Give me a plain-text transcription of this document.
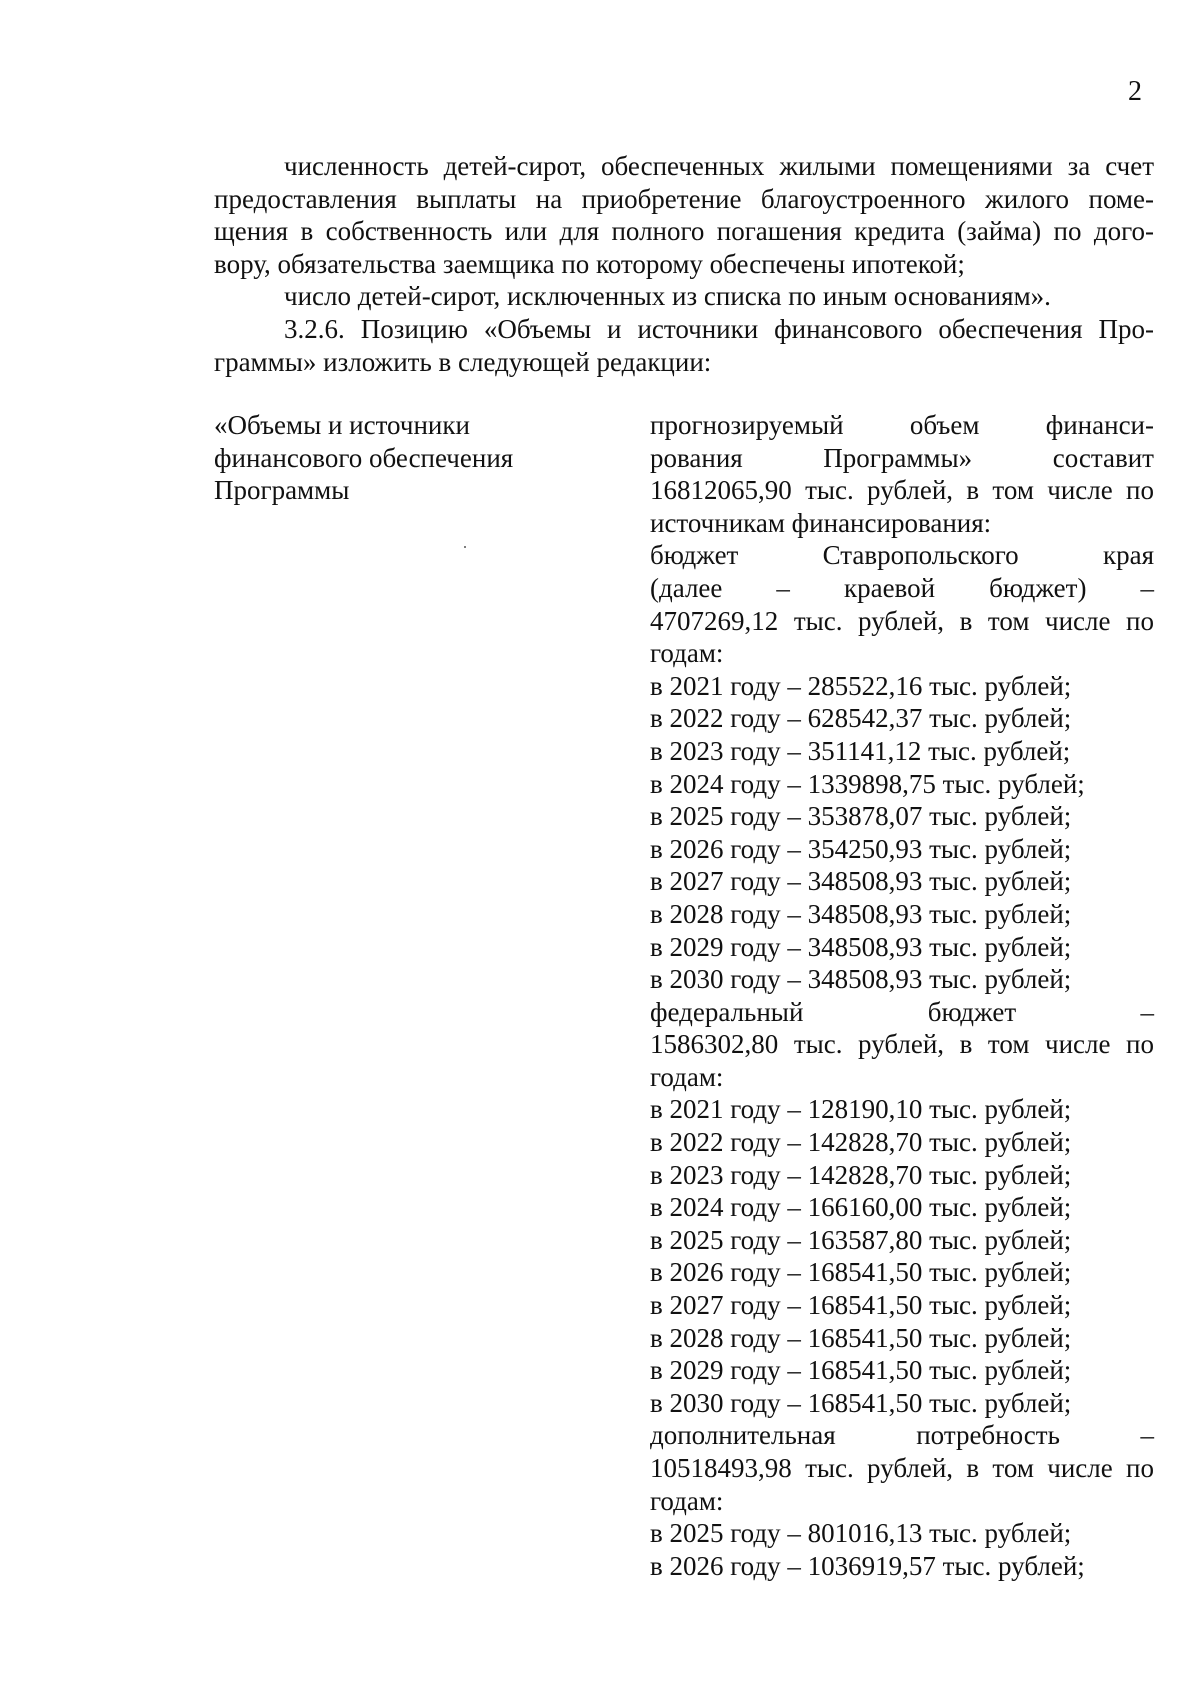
2

численность детей-сирот, обеспеченных жилыми помещениями за счет
предоставления выплаты на приобретение благоустроенного жилого поме-
щения в собственность или для полного погашения кредита (займа) по дого-
вору, обязательства заемщика по которому обеспечены ипотекой;

число детей-сирот, исключенных из списка по иным основаниям».

3.2.6. Позицию «Объемы и источники финансового обеспечения Про-
граммы» изложить в следующей редакции:

«Объемы и источники

финансового обеспечения

Программы

прогнозируемый объем финанси-

рования Программы» составит

16812065,90 тыс. рублей, в том числе по

источникам финансирования:

бюджет Ставропольского края

(далее – краевой бюджет) –

4707269,12 тыс. рублей, в том числе по

годам:

в 2021 году – 285522,16 тыс. рублей;

в 2022 году – 628542,37 тыс. рублей;

в 2023 году – 351141,12 тыс. рублей;

в 2024 году – 1339898,75 тыс. рублей;

в 2025 году – 353878,07 тыс. рублей;

в 2026 году – 354250,93 тыс. рублей;

в 2027 году – 348508,93 тыс. рублей;

в 2028 году – 348508,93 тыс. рублей;

в 2029 году – 348508,93 тыс. рублей;

в 2030 году – 348508,93 тыс. рублей;

федеральный бюджет –

1586302,80 тыс. рублей, в том числе по

годам:

в 2021 году – 128190,10 тыс. рублей;

в 2022 году – 142828,70 тыс. рублей;

в 2023 году – 142828,70 тыс. рублей;

в 2024 году – 166160,00 тыс. рублей;

в 2025 году – 163587,80 тыс. рублей;

в 2026 году – 168541,50 тыс. рублей;

в 2027 году – 168541,50 тыс. рублей;

в 2028 году – 168541,50 тыс. рублей;

в 2029 году – 168541,50 тыс. рублей;

в 2030 году – 168541,50 тыс. рублей;

дополнительная потребность –

10518493,98 тыс. рублей, в том числе по

годам:

в 2025 году – 801016,13 тыс. рублей;

в 2026 году – 1036919,57 тыс. рублей;
